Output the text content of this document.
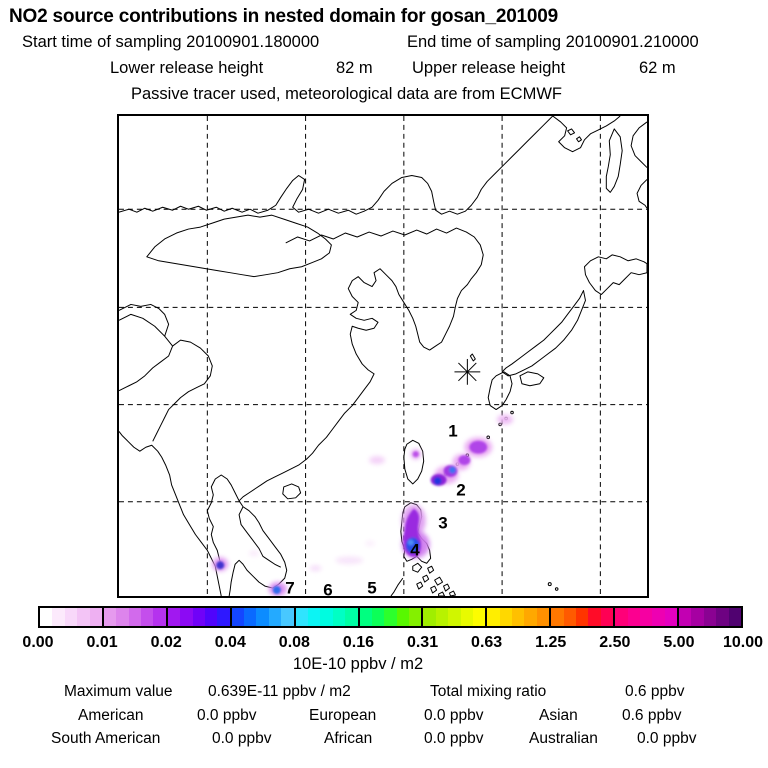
NO2 source contributions in nested domain for gosan_201009
Start time of sampling 20100901.180000	End time of sampling 20100901.210000
Lower release height	82 m Upper release height	62 m
Passive tracer used, meteorological data are from ECMWF
1
2
3
4
5
6
7
0.00 0.01 0.02 0.04 0.08 0.16 0.31 0.63 1.25 2.50 5.00 10.00
10E-10 ppbv / m2
Maximum value 0.639E-11 ppbv / m2	Total mixing ratio	0.6 ppbv
American	0.0 ppbv	European	0.0 ppbv	Asian	0.6 ppbv
South American	0.0 ppbv	African	0.0 ppbv	Australian	0.0 ppbv
